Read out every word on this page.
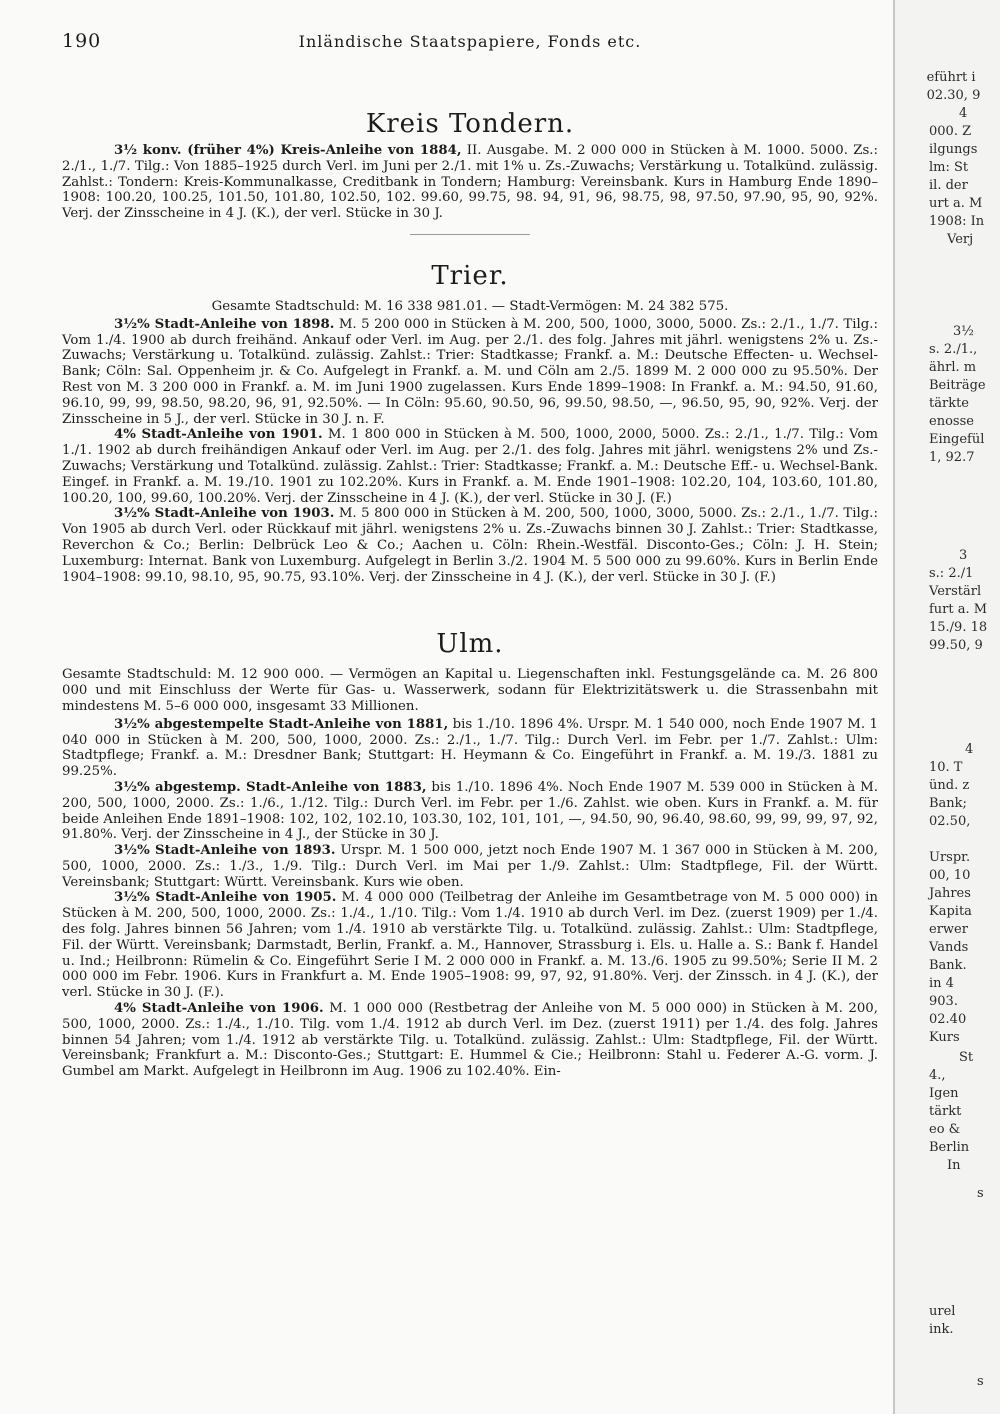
190	Inländische Staatspapiere, Fonds etc.
Kreis Tondern.

3½ konv. (früher 4%) Kreis-Anleihe von 1884, II. Ausgabe. M. 2 000 000 in Stücken à M. 1000. 5000. Zs.: 2./1., 1./7. Tilg.: Von 1885–1925 durch Verl. im Juni per 2./1. mit 1% u. Zs.-Zuwachs; Verstärkung u. Totalkünd. zulässig. Zahlst.: Tondern: Kreis-Kommunalkasse, Creditbank in Tondern; Hamburg: Vereinsbank. Kurs in Hamburg Ende 1890–1908: 100.20, 100.25, 101.50, 101.80, 102.50, 102. 99.60, 99.75, 98. 94, 91, 96, 98.75, 98, 97.50, 97.90, 95, 90, 92%. Verj. der Zinsscheine in 4 J. (K.), der verl. Stücke in 30 J.

Trier.

Gesamte Stadtschuld: M. 16 338 981.01. — Stadt-Vermögen: M. 24 382 575.

3½% Stadt-Anleihe von 1898. M. 5 200 000 in Stücken à M. 200, 500, 1000, 3000, 5000. Zs.: 2./1., 1./7. Tilg.: Vom 1./4. 1900 ab durch freihänd. Ankauf oder Verl. im Aug. per 2./1. des folg. Jahres mit jährl. wenigstens 2% u. Zs.-Zuwachs; Verstärkung u. Totalkünd. zulässig. Zahlst.: Trier: Stadtkasse; Frankf. a. M.: Deutsche Effecten- u. Wechsel-Bank; Cöln: Sal. Oppenheim jr. & Co. Aufgelegt in Frankf. a. M. und Cöln am 2./5. 1899 M. 2 000 000 zu 95.50%. Der Rest von M. 3 200 000 in Frankf. a. M. im Juni 1900 zugelassen. Kurs Ende 1899–1908: In Frankf. a. M.: 94.50, 91.60, 96.10, 99, 99, 98.50, 98.20, 96, 91, 92.50%. — In Cöln: 95.60, 90.50, 96, 99.50, 98.50, —, 96.50, 95, 90, 92%. Verj. der Zinsscheine in 5 J., der verl. Stücke in 30 J. n. F.

4% Stadt-Anleihe von 1901. M. 1 800 000 in Stücken à M. 500, 1000, 2000, 5000. Zs.: 2./1., 1./7. Tilg.: Vom 1./1. 1902 ab durch freihändigen Ankauf oder Verl. im Aug. per 2./1. des folg. Jahres mit jährl. wenigstens 2% und Zs.-Zuwachs; Verstärkung und Totalkünd. zulässig. Zahlst.: Trier: Stadtkasse; Frankf. a. M.: Deutsche Eff.- u. Wechsel-Bank. Eingef. in Frankf. a. M. 19./10. 1901 zu 102.20%. Kurs in Frankf. a. M. Ende 1901–1908: 102.20, 104, 103.60, 101.80, 100.20, 100, 99.60, 100.20%. Verj. der Zinsscheine in 4 J. (K.), der verl. Stücke in 30 J. (F.)

3½% Stadt-Anleihe von 1903. M. 5 800 000 in Stücken à M. 200, 500, 1000, 3000, 5000. Zs.: 2./1., 1./7. Tilg.: Von 1905 ab durch Verl. oder Rückkauf mit jährl. wenigstens 2% u. Zs.-Zuwachs binnen 30 J. Zahlst.: Trier: Stadtkasse, Reverchon & Co.; Berlin: Delbrück Leo & Co.; Aachen u. Cöln: Rhein.-Westfäl. Disconto-Ges.; Cöln: J. H. Stein; Luxemburg: Internat. Bank von Luxemburg. Aufgelegt in Berlin 3./2. 1904 M. 5 500 000 zu 99.60%. Kurs in Berlin Ende 1904–1908: 99.10, 98.10, 95, 90.75, 93.10%. Verj. der Zinsscheine in 4 J. (K.), der verl. Stücke in 30 J. (F.)

Ulm.

Gesamte Stadtschuld: M. 12 900 000. — Vermögen an Kapital u. Liegenschaften inkl. Festungsgelände ca. M. 26 800 000 und mit Einschluss der Werte für Gas- u. Wasserwerk, sodann für Elektrizitätswerk u. die Strassenbahn mit mindestens M. 5–6 000 000, insgesamt 33 Millionen.

3½% abgestempelte Stadt-Anleihe von 1881, bis 1./10. 1896 4%. Urspr. M. 1 540 000, noch Ende 1907 M. 1 040 000 in Stücken à M. 200, 500, 1000, 2000. Zs.: 2./1., 1./7. Tilg.: Durch Verl. im Febr. per 1./7. Zahlst.: Ulm: Stadtpflege; Frankf. a. M.: Dresdner Bank; Stuttgart: H. Heymann & Co. Eingeführt in Frankf. a. M. 19./3. 1881 zu 99.25%.

3½% abgestemp. Stadt-Anleihe von 1883, bis 1./10. 1896 4%. Noch Ende 1907 M. 539 000 in Stücken à M. 200, 500, 1000, 2000. Zs.: 1./6., 1./12. Tilg.: Durch Verl. im Febr. per 1./6. Zahlst. wie oben. Kurs in Frankf. a. M. für beide Anleihen Ende 1891–1908: 102, 102, 102.10, 103.30, 102, 101, 101, —, 94.50, 90, 96.40, 98.60, 99, 99, 99, 97, 92, 91.80%. Verj. der Zinsscheine in 4 J., der Stücke in 30 J.

3½% Stadt-Anleihe von 1893. Urspr. M. 1 500 000, jetzt noch Ende 1907 M. 1 367 000 in Stücken à M. 200, 500, 1000, 2000. Zs.: 1./3., 1./9. Tilg.: Durch Verl. im Mai per 1./9. Zahlst.: Ulm: Stadtpflege, Fil. der Württ. Vereinsbank; Stuttgart: Württ. Vereinsbank. Kurs wie oben.

3½% Stadt-Anleihe von 1905. M. 4 000 000 (Teilbetrag der Anleihe im Gesamtbetrage von M. 5 000 000) in Stücken à M. 200, 500, 1000, 2000. Zs.: 1./4., 1./10. Tilg.: Vom 1./4. 1910 ab durch Verl. im Dez. (zuerst 1909) per 1./4. des folg. Jahres binnen 56 Jahren; vom 1./4. 1910 ab verstärkte Tilg. u. Totalkünd. zulässig. Zahlst.: Ulm: Stadtpflege, Fil. der Württ. Vereinsbank; Darmstadt, Berlin, Frankf. a. M., Hannover, Strassburg i. Els. u. Halle a. S.: Bank f. Handel u. Ind.; Heilbronn: Rümelin & Co. Eingeführt Serie I M. 2 000 000 in Frankf. a. M. 13./6. 1905 zu 99.50%; Serie II M. 2 000 000 im Febr. 1906. Kurs in Frankfurt a. M. Ende 1905–1908: 99, 97, 92, 91.80%. Verj. der Zinssch. in 4 J. (K.), der verl. Stücke in 30 J. (F.).

4% Stadt-Anleihe von 1906. M. 1 000 000 (Restbetrag der Anleihe von M. 5 000 000) in Stücken à M. 200, 500, 1000, 2000. Zs.: 1./4., 1./10. Tilg. vom 1./4. 1912 ab durch Verl. im Dez. (zuerst 1911) per 1./4. des folg. Jahres binnen 54 Jahren; vom 1./4. 1912 ab verstärkte Tilg. u. Totalkünd. zulässig. Zahlst.: Ulm: Stadtpflege, Fil. der Württ. Vereinsbank; Frankfurt a. M.: Disconto-Ges.; Stuttgart: E. Hummel & Cie.; Heilbronn: Stahl u. Federer A.-G. vorm. J. Gumbel am Markt. Aufgelegt in Heilbronn im Aug. 1906 zu 102.40%. Ein-

eführt i
02.30, 9
4
000. Z
ilgungs
lm: St
il. der
urt a. M
1908: In
Verj
3½
s. 2./1.,
ährl. m
Beiträge
tärkte
enosse
Eingefül
1, 92.7
3
s.: 2./1
Verstärl
furt a. M
15./9. 18
99.50, 9
4
10. T
ünd. z
Bank;
02.50,
Urspr.
00, 10
Jahres
Kapita
erwer
Vands
Bank.
in 4
903.
02.40
Kurs
St
4.,
Igen
tärkt
eo &
Berlin
In
s
urel
ink.
s
